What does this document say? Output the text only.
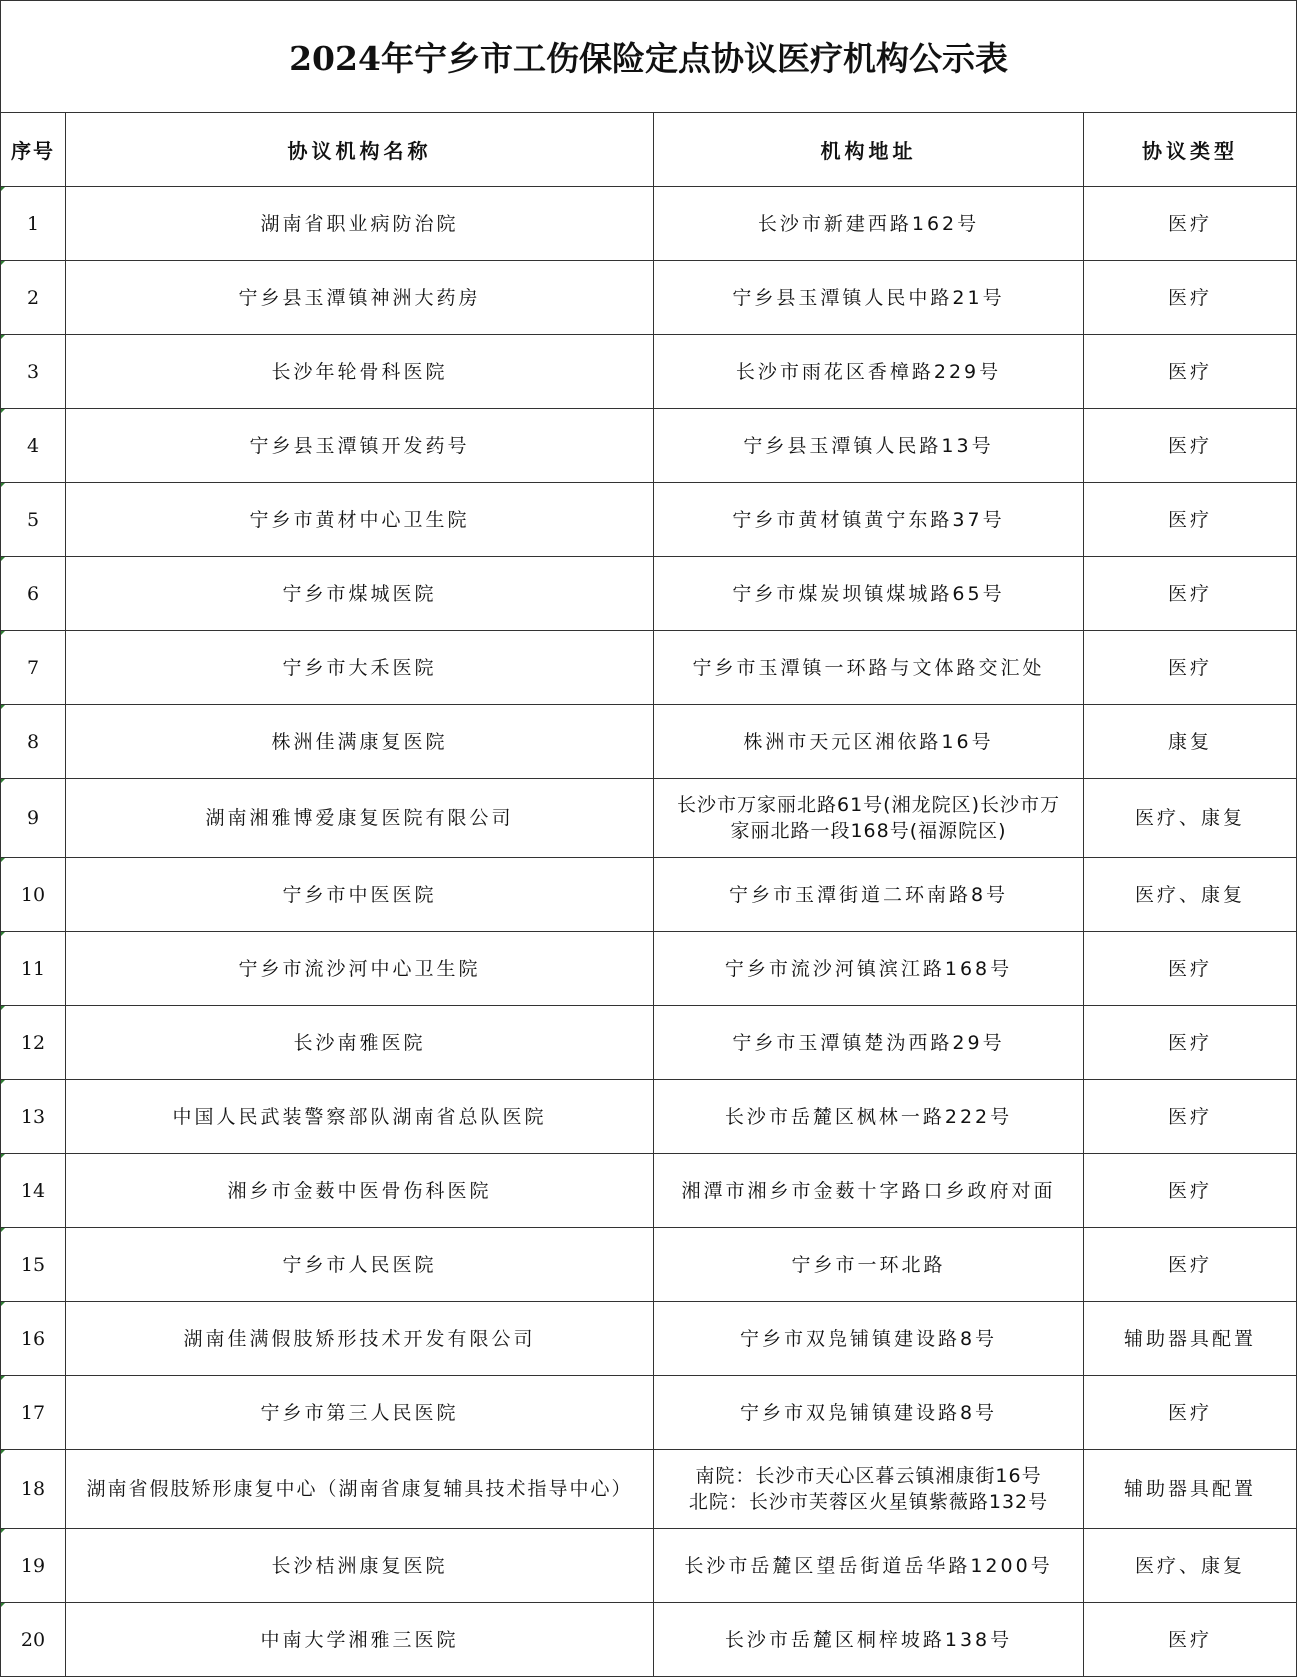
2024年宁乡市工伤保险定点协议医疗机构公示表			
序号	协议机构名称	机构地址	协议类型
1	湖南省职业病防治院	长沙市新建西路162号	医疗
2	宁乡县玉潭镇神洲大药房	宁乡县玉潭镇人民中路21号	医疗
3	长沙年轮骨科医院	长沙市雨花区香樟路229号	医疗
4	宁乡县玉潭镇开发药号	宁乡县玉潭镇人民路13号	医疗
5	宁乡市黄材中心卫生院	宁乡市黄材镇黄宁东路37号	医疗
6	宁乡市煤城医院	宁乡市煤炭坝镇煤城路65号	医疗
7	宁乡市大禾医院	宁乡市玉潭镇一环路与文体路交汇处	医疗
8	株洲佳满康复医院	株洲市天元区湘依路16号	康复
9	湖南湘雅博爱康复医院有限公司	长沙市万家丽北路61号(湘龙院区)长沙市万
家丽北路一段168号(福源院区)	医疗、康复
10	宁乡市中医医院	宁乡市玉潭街道二环南路8号	医疗、康复
11	宁乡市流沙河中心卫生院	宁乡市流沙河镇滨江路168号	医疗
12	长沙南雅医院	宁乡市玉潭镇楚沩西路29号	医疗
13	中国人民武装警察部队湖南省总队医院	长沙市岳麓区枫林一路222号	医疗
14	湘乡市金薮中医骨伤科医院	湘潭市湘乡市金薮十字路口乡政府对面	医疗
15	宁乡市人民医院	宁乡市一环北路	医疗
16	湖南佳满假肢矫形技术开发有限公司	宁乡市双凫铺镇建设路8号	辅助器具配置
17	宁乡市第三人民医院	宁乡市双凫铺镇建设路8号	医疗
18	湖南省假肢矫形康复中心（湖南省康复辅具技术指导中心）	南院：长沙市天心区暮云镇湘康街16号
北院：长沙市芙蓉区火星镇紫薇路132号	辅助器具配置
19	长沙桔洲康复医院	长沙市岳麓区望岳街道岳华路1200号	医疗、康复
20	中南大学湘雅三医院	长沙市岳麓区桐梓坡路138号	医疗
